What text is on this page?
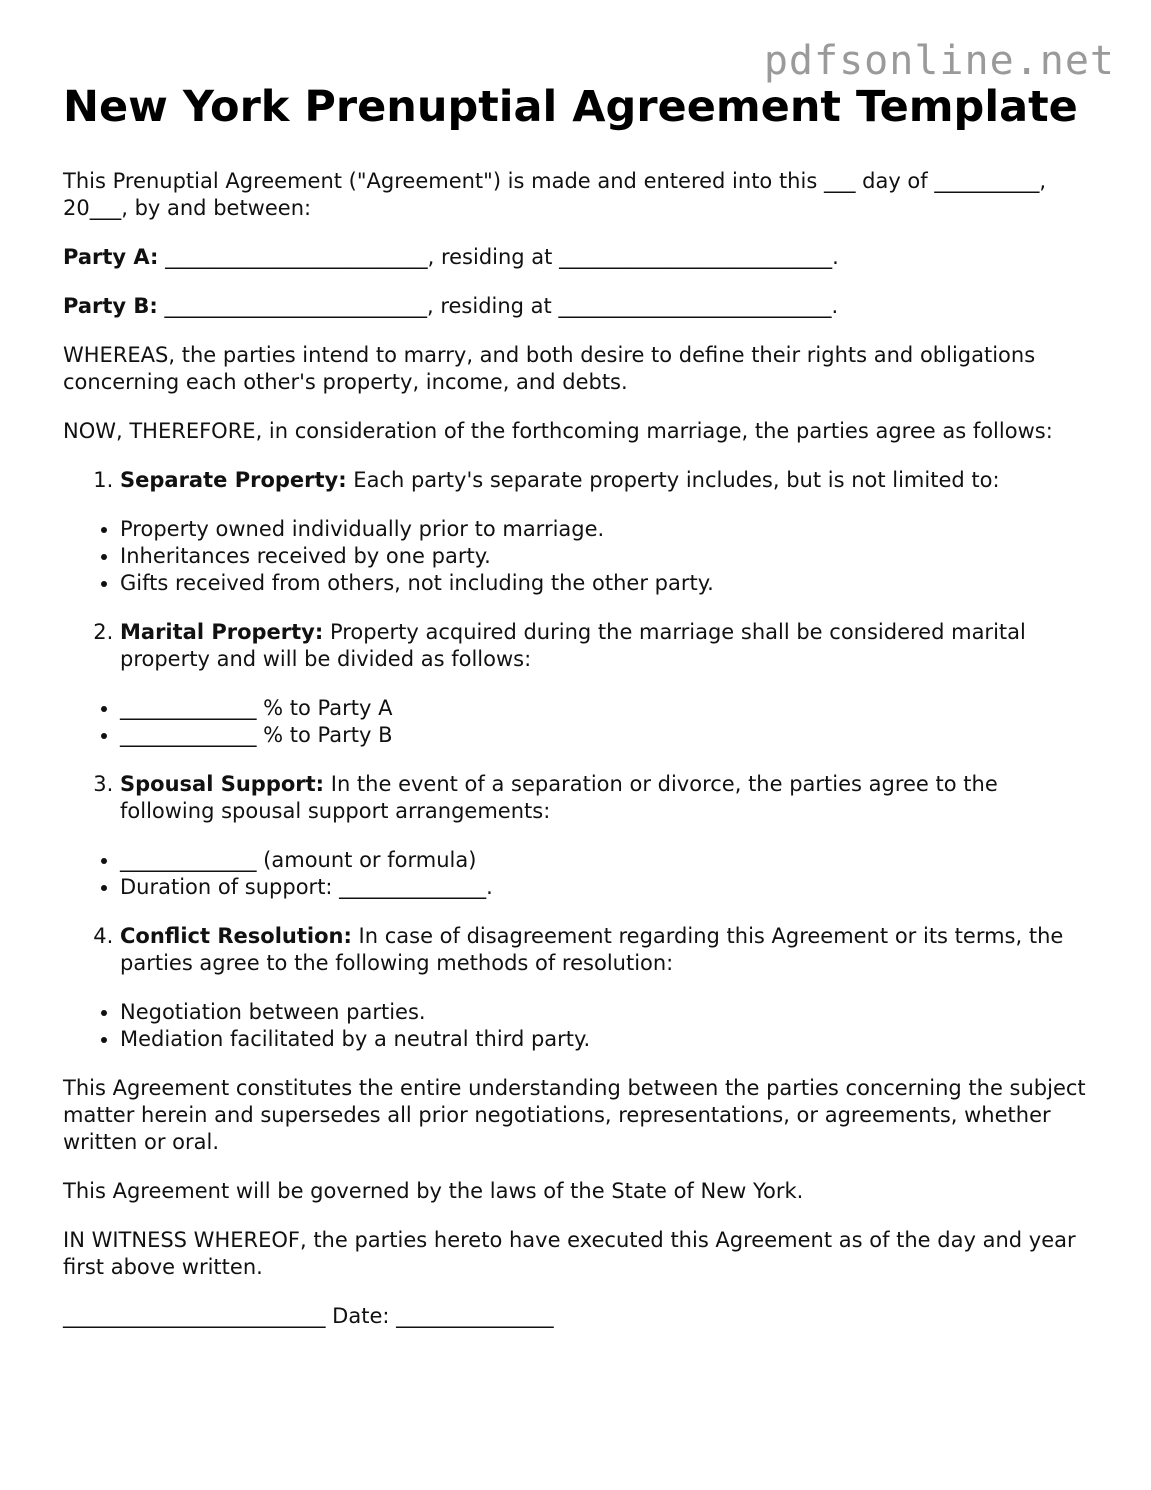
pdfsonline.net
New York Prenuptial Agreement Template

This Prenuptial Agreement ("Agreement") is made and entered into this ___ day of __________, 20___, by and between:

Party A: _________________________, residing at __________________________.

Party B: _________________________, residing at __________________________.

WHEREAS, the parties intend to marry, and both desire to define their rights and obligations concerning each other's property, income, and debts.

NOW, THEREFORE, in consideration of the forthcoming marriage, the parties agree as follows:

1. Separate Property: Each party's separate property includes, but is not limited to:
• Property owned individually prior to marriage.
• Inheritances received by one party.
• Gifts received from others, not including the other party.
2. Marital Property: Property acquired during the marriage shall be considered marital property and will be divided as follows:
• _____________ % to Party A
• _____________ % to Party B
3. Spousal Support: In the event of a separation or divorce, the parties agree to the following spousal support arrangements:
• _____________ (amount or formula)
• Duration of support: ______________.
4. Conflict Resolution: In case of disagreement regarding this Agreement or its terms, the parties agree to the following methods of resolution:
• Negotiation between parties.
• Mediation facilitated by a neutral third party.

This Agreement constitutes the entire understanding between the parties concerning the subject matter herein and supersedes all prior negotiations, representations, or agreements, whether written or oral.

This Agreement will be governed by the laws of the State of New York.

IN WITNESS WHEREOF, the parties hereto have executed this Agreement as of the day and year first above written.

_________________________ Date: _______________
